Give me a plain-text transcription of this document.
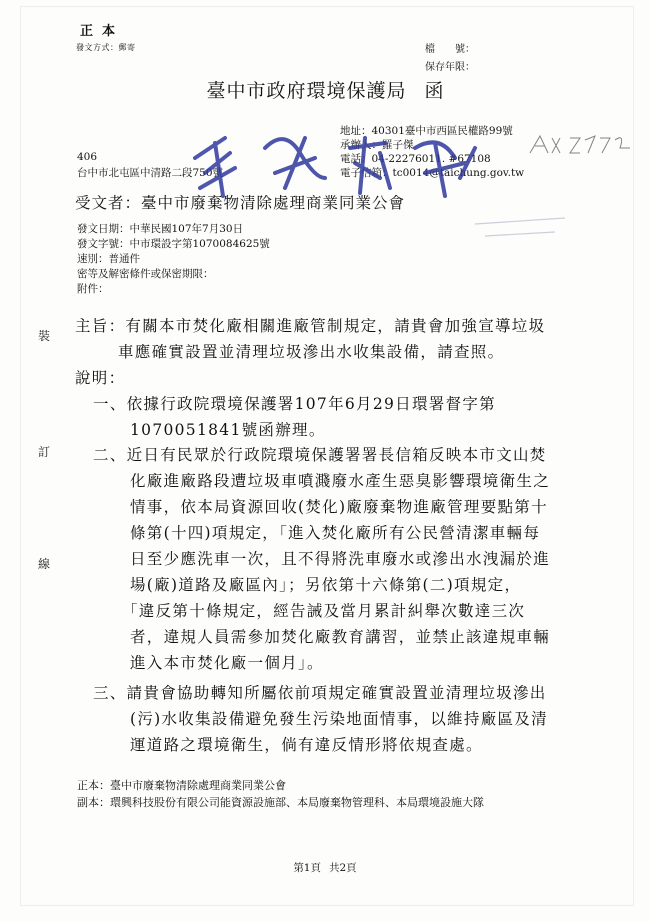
正本
發文方式：郵寄	檔　　號：
保存年限：
臺中市政府環境保護局 函
地址：40301臺中市西區民權路99號
承辦人：羅子傑
電話：04-22276011. #67108
電子信箱：tc0014@taichung.gov.tw
406
台中市北屯區中清路二段750號
受文者：臺中市廢棄物清除處理商業同業公會
發文日期：中華民國107年7月30日
發文字號：中市環設字第1070084625號
速別：普通件
密等及解密條件或保密期限：
附件：
裝
訂
線
主旨：有關本市焚化廠相關進廠管制規定，請貴會加強宣導垃圾
車應確實設置並清理垃圾滲出水收集設備，請查照。
說明：
一、依據行政院環境保護署107年6月29日環署督字第
1070051841號函辦理。
二、近日有民眾於行政院環境保護署署長信箱反映本市文山焚
化廠進廠路段遭垃圾車噴濺廢水產生惡臭影響環境衛生之
情事，依本局資源回收(焚化)廠廢棄物進廠管理要點第十
條第(十四)項規定，「進入焚化廠所有公民營清潔車輛每
日至少應洗車一次，且不得將洗車廢水或滲出水洩漏於進
場(廠)道路及廠區內」；另依第十六條第(二)項規定，
「違反第十條規定，經告誡及當月累計糾舉次數達三次
者，違規人員需參加焚化廠教育講習，並禁止該違規車輛
進入本市焚化廠一個月」。
三、請貴會協助轉知所屬依前項規定確實設置並清理垃圾滲出
(污)水收集設備避免發生污染地面情事，以維持廠區及清
運道路之環境衛生，倘有違反情形將依規查處。
正本：臺中市廢棄物清除處理商業同業公會
副本：環興科技股份有限公司能資源設施部、本局廢棄物管理科、本局環境設施大隊
第1頁 共2頁
